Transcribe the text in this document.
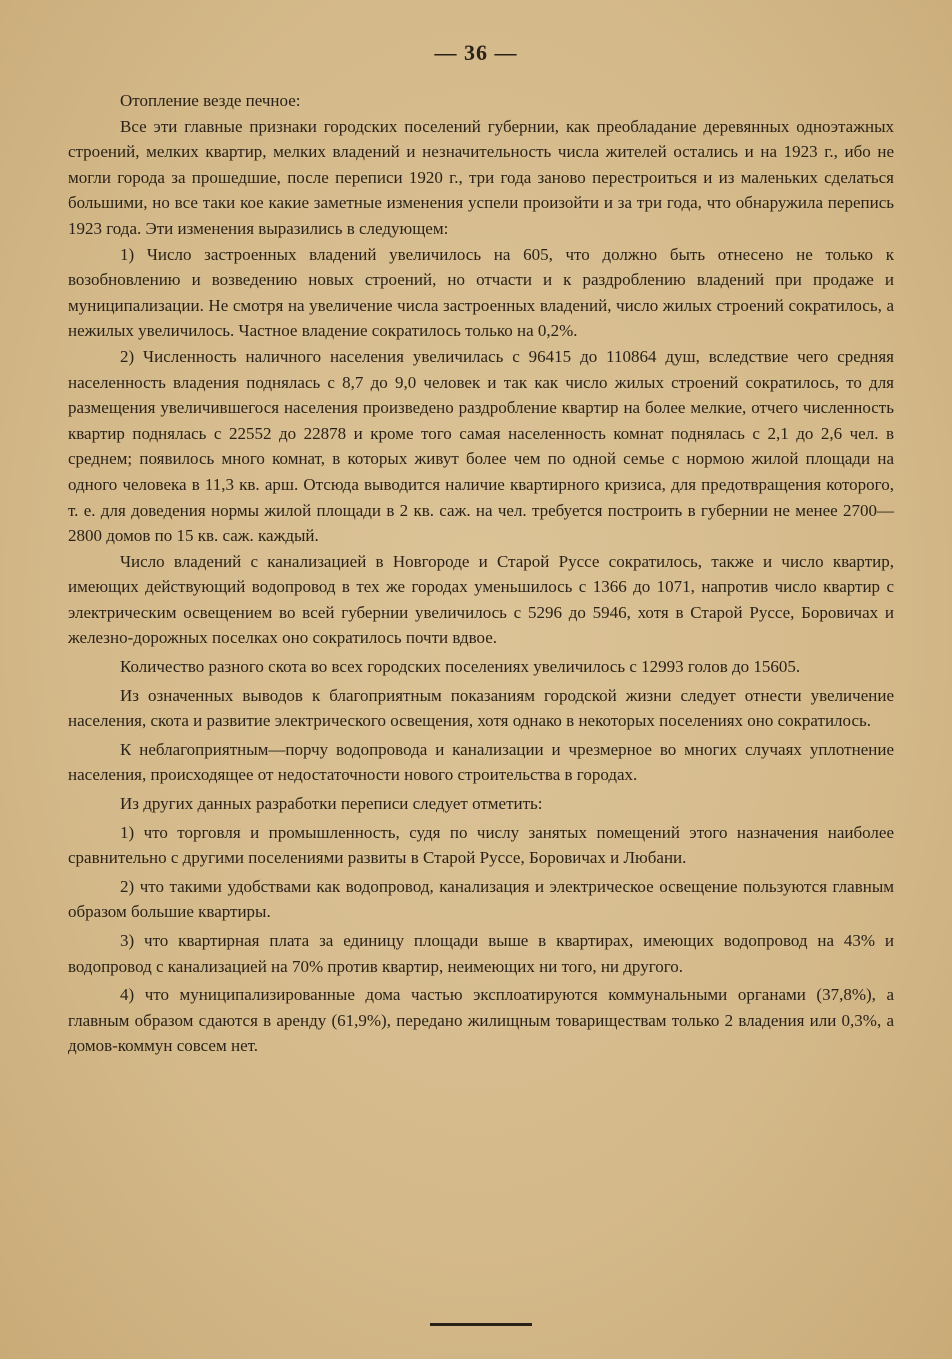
— 36 —

Отопление везде печное:

Все эти главные признаки городских поселений губернии, как преобладание деревянных одноэтажных строений, мелких квартир, мелких владений и незначительность числа жителей остались и на 1923 г., ибо не могли города за прошедшие, после переписи 1920 г., три года заново перестроиться и из маленьких сделаться большими, но все таки кое какие заметные изменения успели произойти и за три года, что обнаружила перепись 1923 года. Эти изменения выразились в следующем:

1) Число застроенных владений увеличилось на 605, что должно быть отнесено не только к возобновлению и возведению новых строений, но отчасти и к раздроблению владений при продаже и муниципализации. Не смотря на увеличение числа застроенных владений, число жилых строений сократилось, а нежилых увеличилось. Частное владение сократилось только на 0,2%.

2) Численность наличного населения увеличилась с 96415 до 110864 душ, вследствие чего средняя населенность владения поднялась с 8,7 до 9,0 человек и так как число жилых строений сократилось, то для размещения увеличившегося населения произведено раздробление квартир на более мелкие, отчего численность квартир поднялась с 22552 до 22878 и кроме того самая населенность комнат поднялась с 2,1 до 2,6 чел. в среднем; появилось много комнат, в которых живут более чем по одной семье с нормою жилой площади на одного человека в 11,3 кв. арш. Отсюда выводится наличие квартирного кризиса, для предотвращения которого, т. е. для доведения нормы жилой площади в 2 кв. саж. на чел. требуется построить в губернии не менее 2700—2800 домов по 15 кв. саж. каждый.

Число владений с канализацией в Новгороде и Старой Руссе сократилось, также и число квартир, имеющих действующий водопровод в тех же городах уменьшилось с 1366 до 1071, напротив число квартир с электрическим освещением во всей губернии увеличилось с 5296 до 5946, хотя в Старой Руссе, Боровичах и железно-дорожных поселках оно сократилось почти вдвое.

Количество разного скота во всех городских поселениях увеличилось с 12993 голов до 15605.

Из означенных выводов к благоприятным показаниям городской жизни следует отнести увеличение населения, скота и развитие электрического освещения, хотя однако в некоторых поселениях оно сократилось.

К неблагоприятным—порчу водопровода и канализации и чрезмерное во многих случаях уплотнение населения, происходящее от недостаточности нового строительства в городах.

Из других данных разработки переписи следует отметить:

1) что торговля и промышленность, судя по числу занятых помещений этого назначения наиболее сравнительно с другими поселениями развиты в Старой Руссе, Боровичах и Любани.

2) что такими удобствами как водопровод, канализация и электрическое освещение пользуются главным образом большие квартиры.

3) что квартирная плата за единицу площади выше в квартирах, имеющих водопровод на 43% и водопровод с канализацией на 70% против квартир, неимеющих ни того, ни другого.

4) что муниципализированные дома частью эксплоатируются коммунальными органами (37,8%), а главным образом сдаются в аренду (61,9%), передано жилищным товариществам только 2 владения или 0,3%, а домов-коммун совсем нет.
